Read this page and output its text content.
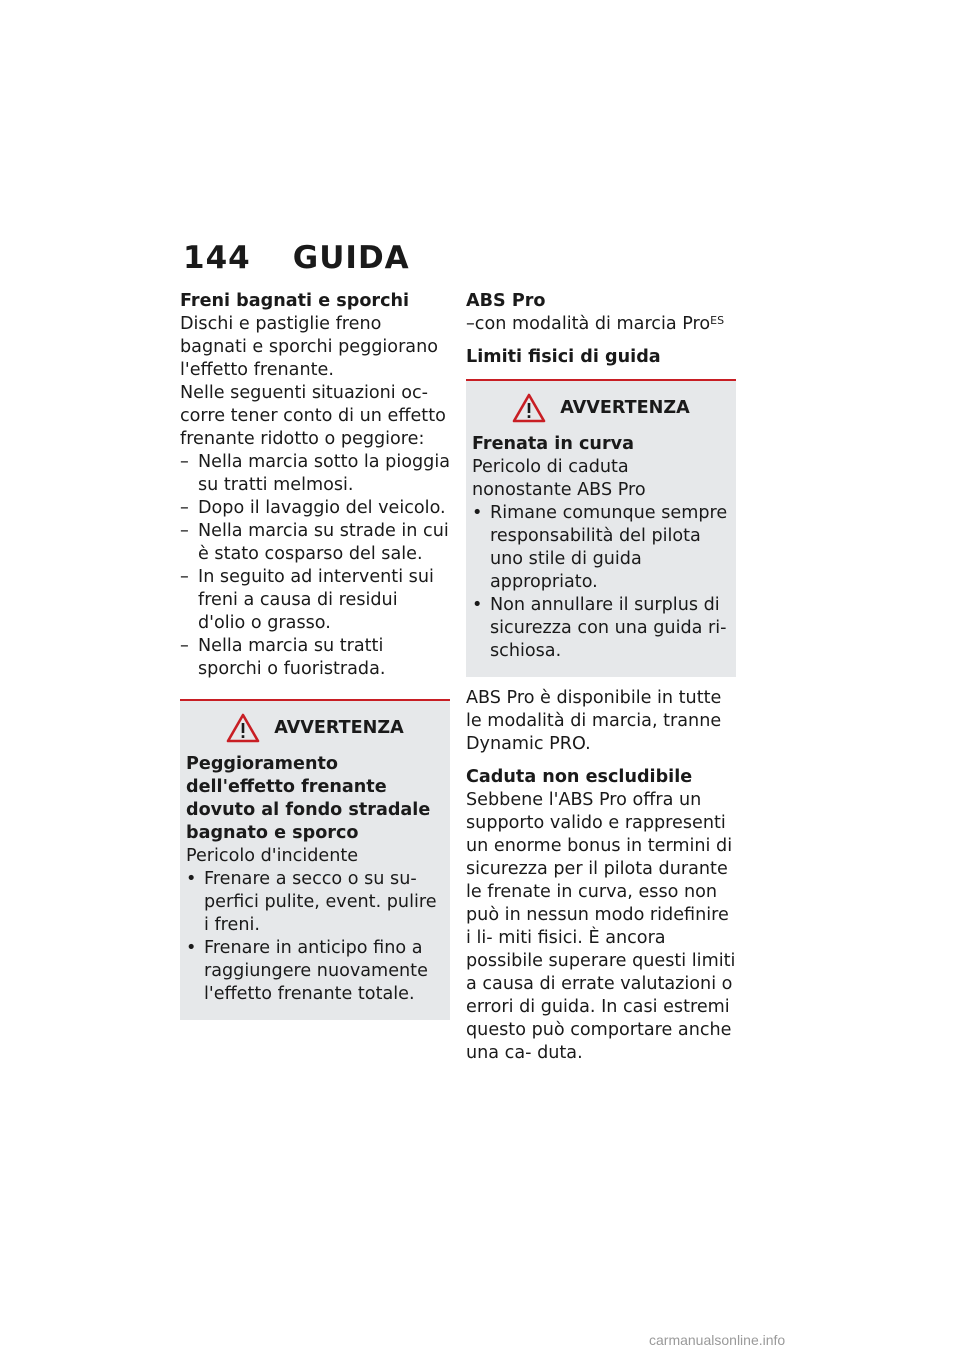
144 GUIDA

Freni bagnati e sporchi

Dischi e pastiglie freno bagnati e sporchi peggiorano l'effetto frenante.

Nelle seguenti situazioni oc- corre tener conto di un effetto frenante ridotto o peggiore:

– Nella marcia sotto la pioggia su tratti melmosi.
– Dopo il lavaggio del veicolo.
– Nella marcia su strade in cui è stato cosparso del sale.
– In seguito ad interventi sui freni a causa di residui d'olio o grasso.
– Nella marcia su tratti sporchi o fuoristrada.
AVVERTENZA

Peggioramento dell'effetto frenante dovuto al fondo stradale bagnato e sporco

Pericolo d'incidente

• Frenare a secco o su su- perfici pulite, event. pulire i freni.
• Frenare in anticipo fino a raggiungere nuovamente l'effetto frenante totale.

ABS Pro

–con modalità di marcia Pro$^{ES}$

Limiti fisici di guida

AVVERTENZA

Frenata in curva

Pericolo di caduta nonostante ABS Pro

• Rimane comunque sempre responsabilità del pilota uno stile di guida appropriato.
• Non annullare il surplus di sicurezza con una guida ri- schiosa.

ABS Pro è disponibile in tutte le modalità di marcia, tranne Dynamic PRO.

Caduta non escludibile

Sebbene l'ABS Pro offra un supporto valido e rappresenti un enorme bonus in termini di sicurezza per il pilota durante le frenate in curva, esso non può in nessun modo ridefinire i li- miti fisici. È ancora possibile superare questi limiti a causa di errate valutazioni o errori di guida. In casi estremi questo può comportare anche una ca- duta.

carmanualsonline.info
